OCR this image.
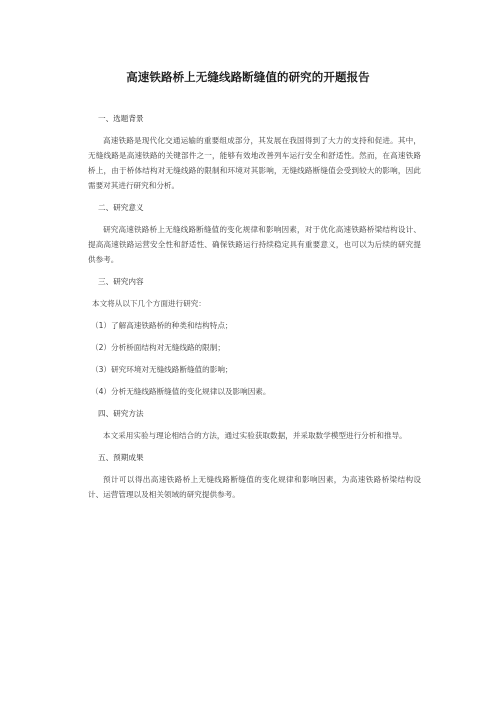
高速铁路桥上无缝线路断缝值的研究的开题报告
一、选题背景
高速铁路是现代化交通运输的重要组成部分，其发展在我国得到了大力的支持和促进。其中，无缝线路是高速铁路的关键部件之一，能够有效地改善列车运行安全和舒适性。然而，在高速铁路桥上，由于桥体结构对无缝线路的限制和环境对其影响，无缝线路断缝值会受到较大的影响，因此需要对其进行研究和分析。
二、研究意义
研究高速铁路桥上无缝线路断缝值的变化规律和影响因素，对于优化高速铁路桥梁结构设计、提高高速铁路运营安全性和舒适性、确保铁路运行持续稳定具有重要意义，也可以为后续的研究提供参考。
三、研究内容
本文将从以下几个方面进行研究：
（1）了解高速铁路桥的种类和结构特点；
（2）分析桥面结构对无缝线路的限制；
（3）研究环境对无缝线路断缝值的影响；
（4）分析无缝线路断缝值的变化规律以及影响因素。
四、研究方法
本文采用实验与理论相结合的方法，通过实验获取数据，并采取数学模型进行分析和推导。
五、预期成果
预计可以得出高速铁路桥上无缝线路断缝值的变化规律和影响因素，为高速铁路桥梁结构设计、运营管理以及相关领域的研究提供参考。
